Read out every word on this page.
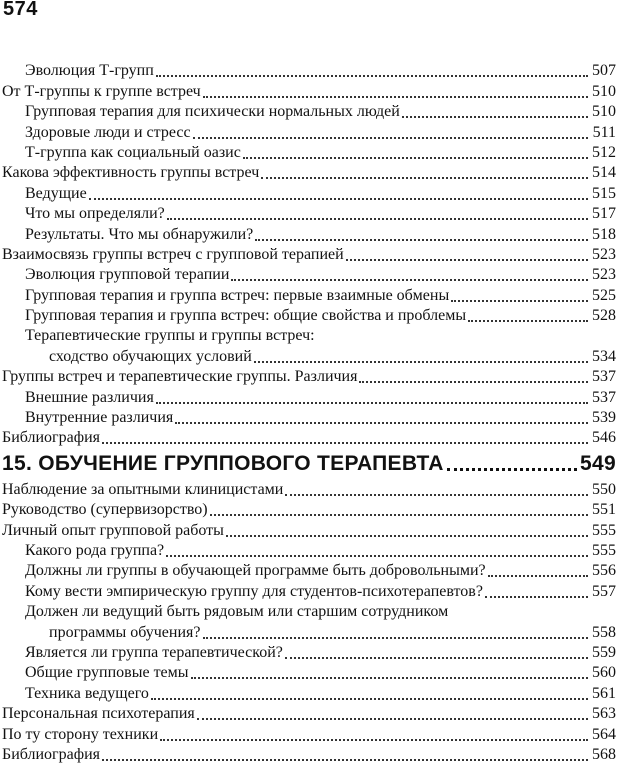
574
Эволюция Т-групп	507
От Т-группы к группе встреч	510
Групповая терапия для психически нормальных людей	510
Здоровые люди и стресс	511
Т-группа как социальный оазис	512
Какова эффективность группы встреч	514
Ведущие	515
Что мы определяли?	517
Результаты. Что мы обнаружили?	518
Взаимосвязь группы встреч с групповой терапией	523
Эволюция групповой терапии	523
Групповая терапия и группа встреч: первые взаимные обмены	525
Групповая терапия и группа встреч: общие свойства и проблемы	528
Терапевтические группы и группы встреч:
сходство обучающих условий	534
Группы встреч и терапевтические группы. Различия	537
Внешние различия	537
Внутренние различия	539
Библиография	546
15. ОБУЧЕНИЕ ГРУППОВОГО ТЕРАПЕВТА	549
Наблюдение за опытными клиницистами	550
Руководство (супервизорство)	551
Личный опыт групповой работы	555
Какого рода группа?	555
Должны ли группы в обучающей программе быть добровольными?	556
Кому вести эмпирическую группу для студентов-психотерапевтов?	557
Должен ли ведущий быть рядовым или старшим сотрудником
программы обучения?	558
Является ли группа терапевтической?	559
Общие групповые темы	560
Техника ведущего	561
Персональная психотерапия	563
По ту сторону техники	564
Библиография	568
